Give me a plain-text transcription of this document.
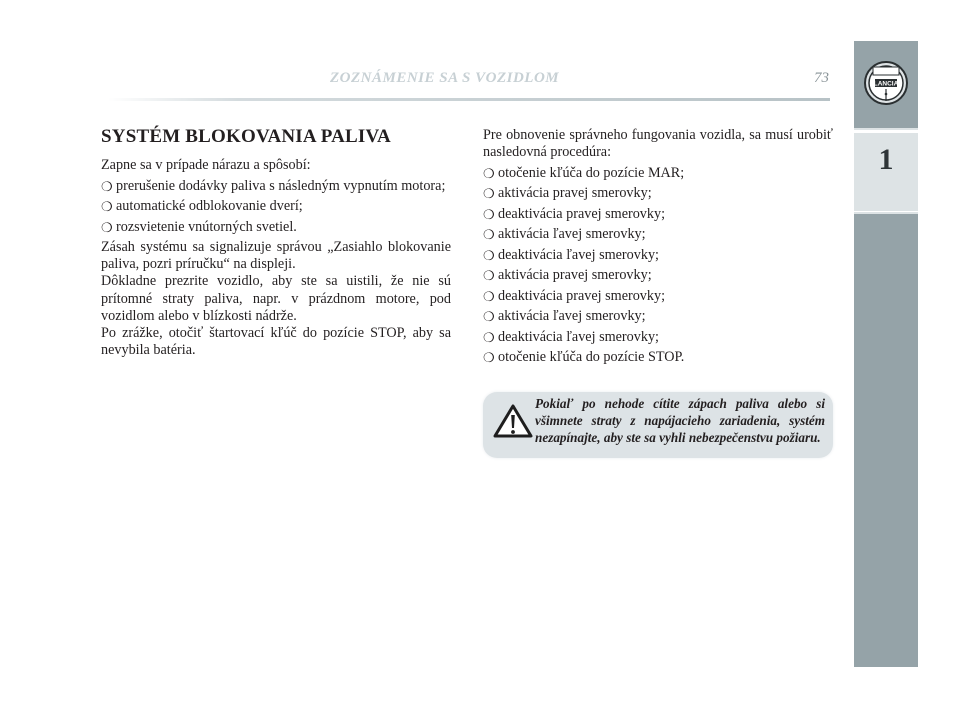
ZOZNÁMENIE SA S VOZIDLOM	73	LANCIA
1
SYSTÉM BLOKOVANIA PALIVA

Zapne sa v prípade nárazu a spôsobí:

❍ prerušenie dodávky paliva s následným vypnutím motora;
❍ automatické odblokovanie dverí;
❍ rozsvietenie vnútorných svetiel.

Zásah systému sa signalizuje správou „Zasiahlo blokovanie paliva, pozri príručku“ na displeji.

Dôkladne prezrite vozidlo, aby ste sa uistili, že nie sú prítomné straty paliva, napr. v prázdnom motore, pod vozidlom alebo v blízkosti nádrže.

Po zrážke, otočiť štartovací kľúč do pozície STOP, aby sa nevybila batéria.

Pre obnovenie správneho fungovania vozidla, sa musí urobiť nasledovná procedúra:

❍ otočenie kľúča do pozície MAR;
❍ aktivácia pravej smerovky;
❍ deaktivácia pravej smerovky;
❍ aktivácia ľavej smerovky;
❍ deaktivácia ľavej smerovky;
❍ aktivácia pravej smerovky;
❍ deaktivácia pravej smerovky;
❍ aktivácia ľavej smerovky;
❍ deaktivácia ľavej smerovky;
❍ otočenie kľúča do pozície STOP.
Pokiaľ po nehode cítite zápach paliva alebo si všimnete straty z napájacieho zariadenia, systém nezapínajte, aby ste sa vyhli nebezpečenstvu požiaru.
